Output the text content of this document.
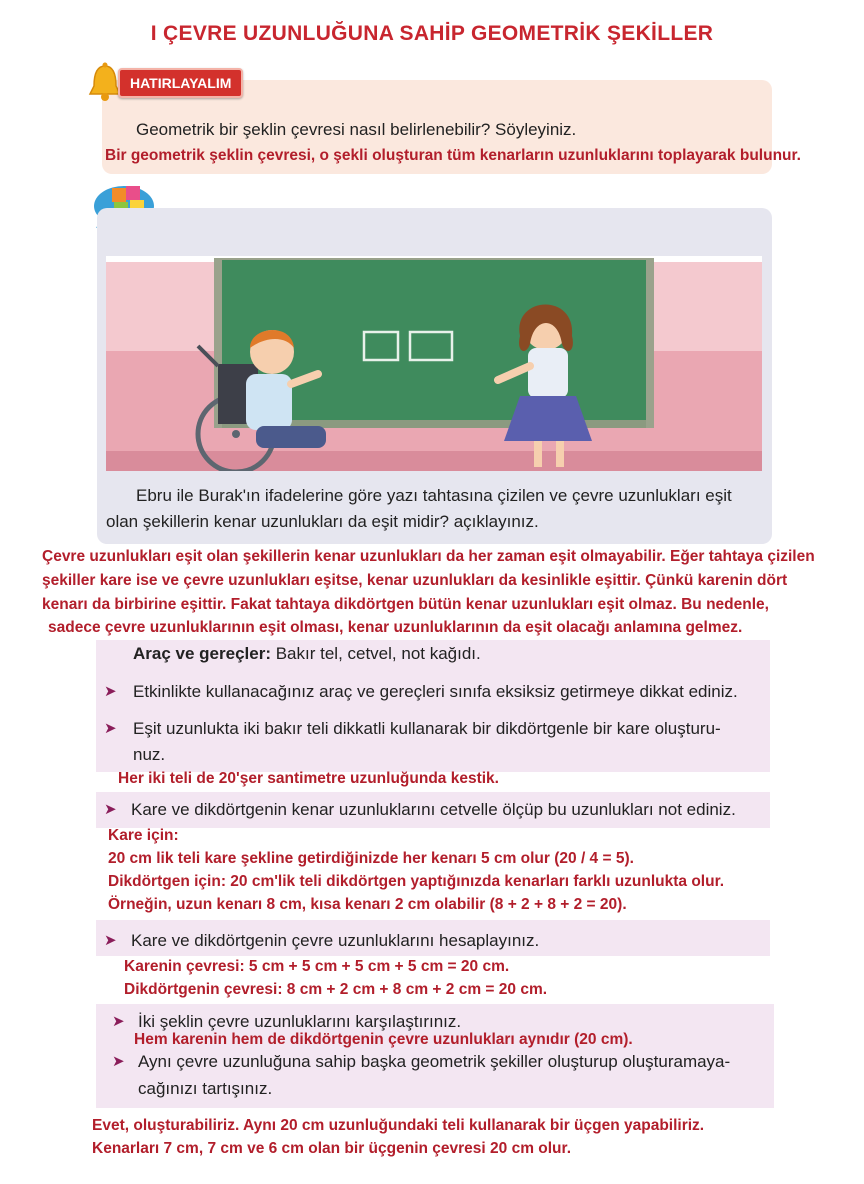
I ÇEVRE UZUNLUĞUNA SAHİP GEOMETRİK ŞEKİLLER
HATIRLAYALIM
Geometrik bir şeklin çevresi nasıl belirlenebilir? Söyleyiniz.
Bir geometrik şeklin çevresi, o şekli oluşturan tüm kenarların uzunluklarını toplayarak bulunur.
Ebru ile Burak'ın ifadelerine göre yazı tahtasına çizilen ve çevre uzunlukları eşit
olan şekillerin kenar uzunlukları da eşit midir? açıklayınız.
Çevre uzunlukları eşit olan şekillerin kenar uzunlukları da her zaman eşit olmayabilir. Eğer tahtaya çizilen
şekiller kare ise ve çevre uzunlukları eşitse, kenar uzunlukları da kesinlikle eşittir. Çünkü karenin dört
kenarı da birbirine eşittir. Fakat tahtaya dikdörtgen bütün kenar uzunlukları eşit olmaz. Bu nedenle,
sadece çevre uzunluklarının eşit olması, kenar uzunluklarının da eşit olacağı anlamına gelmez.
Araç ve gereçler: Bakır tel, cetvel, not kağıdı.
➤ Etkinlikte kullanacağınız araç ve gereçleri sınıfa eksiksiz getirmeye dikkat ediniz.
➤ Eşit uzunlukta iki bakır teli dikkatli kullanarak bir dikdörtgenle bir kare oluşturu-
nuz.
Her iki teli de 20'şer santimetre uzunluğunda kestik.
➤ Kare ve dikdörtgenin kenar uzunluklarını cetvelle ölçüp bu uzunlukları not ediniz.
Kare için:
20 cm lik teli kare şekline getirdiğinizde her kenarı 5 cm olur (20 / 4 = 5).
Dikdörtgen için: 20 cm'lik teli dikdörtgen yaptığınızda kenarları farklı uzunlukta olur.
Örneğin, uzun kenarı 8 cm, kısa kenarı 2 cm olabilir (8 + 2 + 8 + 2 = 20).
➤ Kare ve dikdörtgenin çevre uzunluklarını hesaplayınız.
Karenin çevresi: 5 cm + 5 cm + 5 cm + 5 cm = 20 cm.
Dikdörtgenin çevresi: 8 cm + 2 cm + 8 cm + 2 cm = 20 cm.
➤ İki şeklin çevre uzunluklarını karşılaştırınız.
Hem karenin hem de dikdörtgenin çevre uzunlukları aynıdır (20 cm).
➤ Aynı çevre uzunluğuna sahip başka geometrik şekiller oluşturup oluşturamaya-
cağınızı tartışınız.
Evet, oluşturabiliriz. Aynı 20 cm uzunluğundaki teli kullanarak bir üçgen yapabiliriz.
Kenarları 7 cm, 7 cm ve 6 cm olan bir üçgenin çevresi 20 cm olur.
